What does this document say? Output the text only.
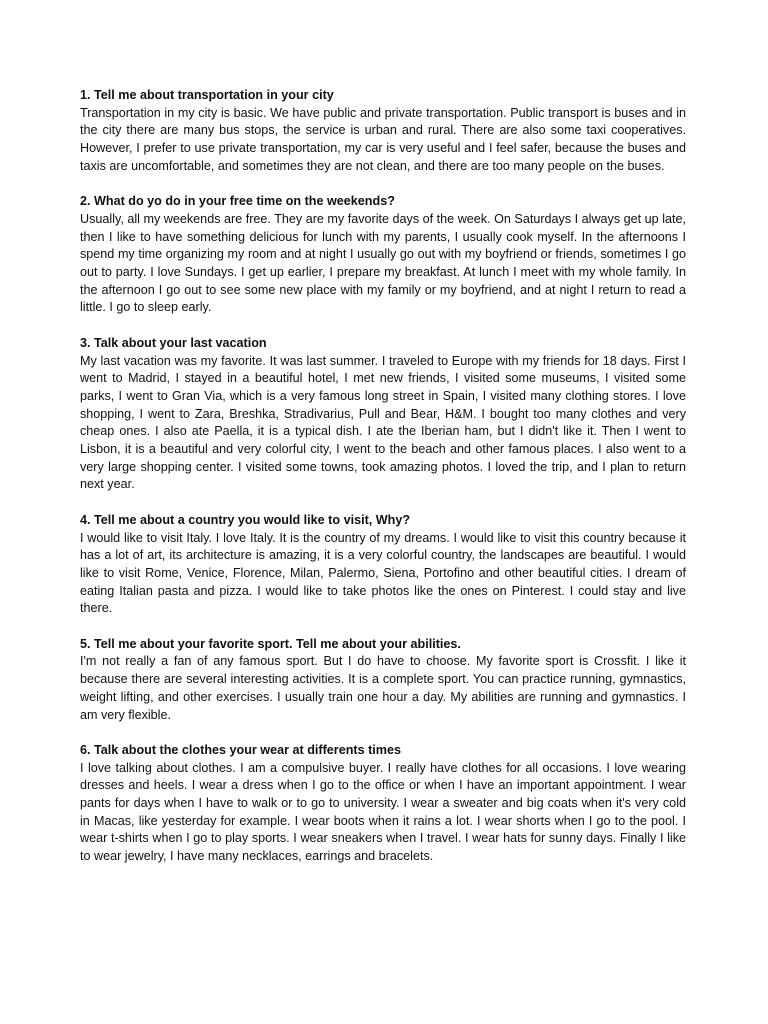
1. Tell me about transportation in your city

Transportation in my city is basic. We have public and private transportation. Public transport is buses and in the city there are many bus stops, the service is urban and rural. There are also some taxi cooperatives. However, I prefer to use private transportation, my car is very useful and I feel safer, because the buses and taxis are uncomfortable, and sometimes they are not clean, and there are too many people on the buses.

2. What do yo do in your free time on the weekends?

Usually, all my weekends are free. They are my favorite days of the week. On Saturdays I always get up late, then I like to have something delicious for lunch with my parents, I usually cook myself. In the afternoons I spend my time organizing my room and at night I usually go out with my boyfriend or friends, sometimes I go out to party. I love Sundays. I get up earlier, I prepare my breakfast. At lunch I meet with my whole family. In the afternoon I go out to see some new place with my family or my boyfriend, and at night I return to read a little. I go to sleep early.

3. Talk about your last vacation

My last vacation was my favorite. It was last summer. I traveled to Europe with my friends for 18 days. First I went to Madrid, I stayed in a beautiful hotel, I met new friends, I visited some museums, I visited some parks, I went to Gran Via, which is a very famous long street in Spain, I visited many clothing stores. I love shopping, I went to Zara, Breshka, Stradivarius, Pull and Bear, H&M. I bought too many clothes and very cheap ones. I also ate Paella, it is a typical dish. I ate the Iberian ham, but I didn't like it. Then I went to Lisbon, it is a beautiful and very colorful city, I went to the beach and other famous places. I also went to a very large shopping center. I visited some towns, took amazing photos. I loved the trip, and I plan to return next year.

4. Tell me about a country you would like to visit, Why?

I would like to visit Italy. I love Italy. It is the country of my dreams. I would like to visit this country because it has a lot of art, its architecture is amazing, it is a very colorful country, the landscapes are beautiful. I would like to visit Rome, Venice, Florence, Milan, Palermo, Siena, Portofino and other beautiful cities. I dream of eating Italian pasta and pizza. I would like to take photos like the ones on Pinterest. I could stay and live there.

5. Tell me about your favorite sport. Tell me about your abilities.

I'm not really a fan of any famous sport. But I do have to choose. My favorite sport is Crossfit. I like it because there are several interesting activities. It is a complete sport. You can practice running, gymnastics, weight lifting, and other exercises. I usually train one hour a day. My abilities are running and gymnastics. I am very flexible.

6. Talk about the clothes your wear at differents times

I love talking about clothes. I am a compulsive buyer. I really have clothes for all occasions. I love wearing dresses and heels. I wear a dress when I go to the office or when I have an important appointment. I wear pants for days when I have to walk or to go to university. I wear a sweater and big coats when it's very cold in Macas, like yesterday for example. I wear boots when it rains a lot. I wear shorts when I go to the pool. I wear t-shirts when I go to play sports. I wear sneakers when I travel. I wear hats for sunny days. Finally I like to wear jewelry, I have many necklaces, earrings and bracelets.
